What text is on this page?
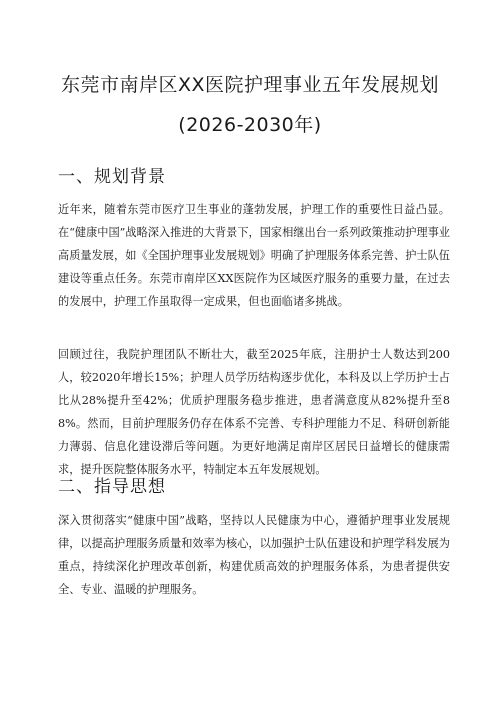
东莞市南岸区XX医院护理事业五年发展规划
(2026-2030年)
一、规划背景
近年来，随着东莞市医疗卫生事业的蓬勃发展，护理工作的重要性日益凸显。在“健康中国”战略深入推进的大背景下，国家相继出台一系列政策推动护理事业高质量发展，如《全国护理事业发展规划》明确了护理服务体系完善、护士队伍建设等重点任务。东莞市南岸区XX医院作为区域医疗服务的重要力量，在过去的发展中，护理工作虽取得一定成果，但也面临诸多挑战。
回顾过往，我院护理团队不断壮大，截至2025年底，注册护士人数达到200人，较2020年增长15%；护理人员学历结构逐步优化，本科及以上学历护士占比从28%提升至42%；优质护理服务稳步推进，患者满意度从82%提升至88%。然而，目前护理服务仍存在体系不完善、专科护理能力不足、科研创新能力薄弱、信息化建设滞后等问题。为更好地满足南岸区居民日益增长的健康需求，提升医院整体服务水平，特制定本五年发展规划。
二、指导思想
深入贯彻落实“健康中国”战略，坚持以人民健康为中心，遵循护理事业发展规律，以提高护理服务质量和效率为核心，以加强护士队伍建设和护理学科发展为重点，持续深化护理改革创新，构建优质高效的护理服务体系，为患者提供安全、专业、温暖的护理服务。
